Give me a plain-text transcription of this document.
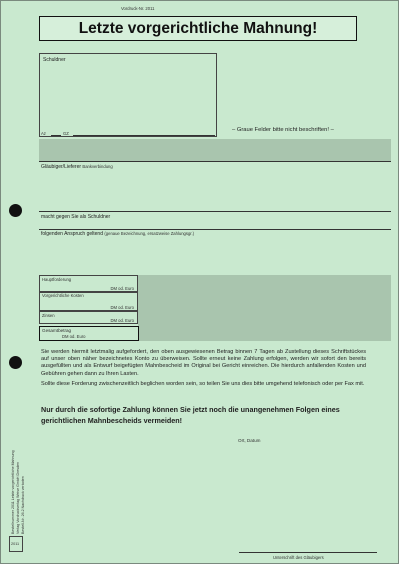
Vordruck-Nr. 2011
Letzte vorgerichtliche Mahnung!
Schuldner
Az	GZ
– Graue Felder bitte nicht beschriften! –
Gläubiger/Lieferer Bankverbindung
macht gegen Sie als Schuldner
folgenden Anspruch geltend (genaue Bezeichnung, ersatzweise Zahlungsgr.)
Hauptforderung
DM od. Euro
Vorgerichtliche Kosten
DM od. Euro
Zinsen
DM od. Euro
Gesamtbetrag
DM od. Euro
Sie werden hiermit letztmalig aufgefordert, den oben ausgewiesenen Betrag binnen 7 Tagen ab Zustellung dieses Schriftstückes auf unser oben näher bezeichnetes Konto zu überweisen. Sollte erneut keine Zahlung erfolgen, werden wir sofort den bereits ausgefüllten und als Entwurf beigefügten Mahnbescheid im Original bei Gericht einreichen. Die hierdurch anfallenden Kosten und Gebühren gehen dann zu Ihren Lasten.
Sollte diese Forderung zwischenzeitlich beglichen worden sein, so teilen Sie uns dies bitte umgehend telefonisch oder per Fax mit.
Nur durch die sofortige Zahlung können Sie jetzt noch die unangenehmen Folgen eines gerichtlichen Mahnbescheids vermeiden!
Ort, Datum
Unterschrift des Gläubigers
Bestellnummer 2011 Letzte vorgerichtliche Mahnung Verlag Vordruckverlag Weise GmbH Dresden Bestell-Nr. 26.2 Nachdruck verboten
2011
